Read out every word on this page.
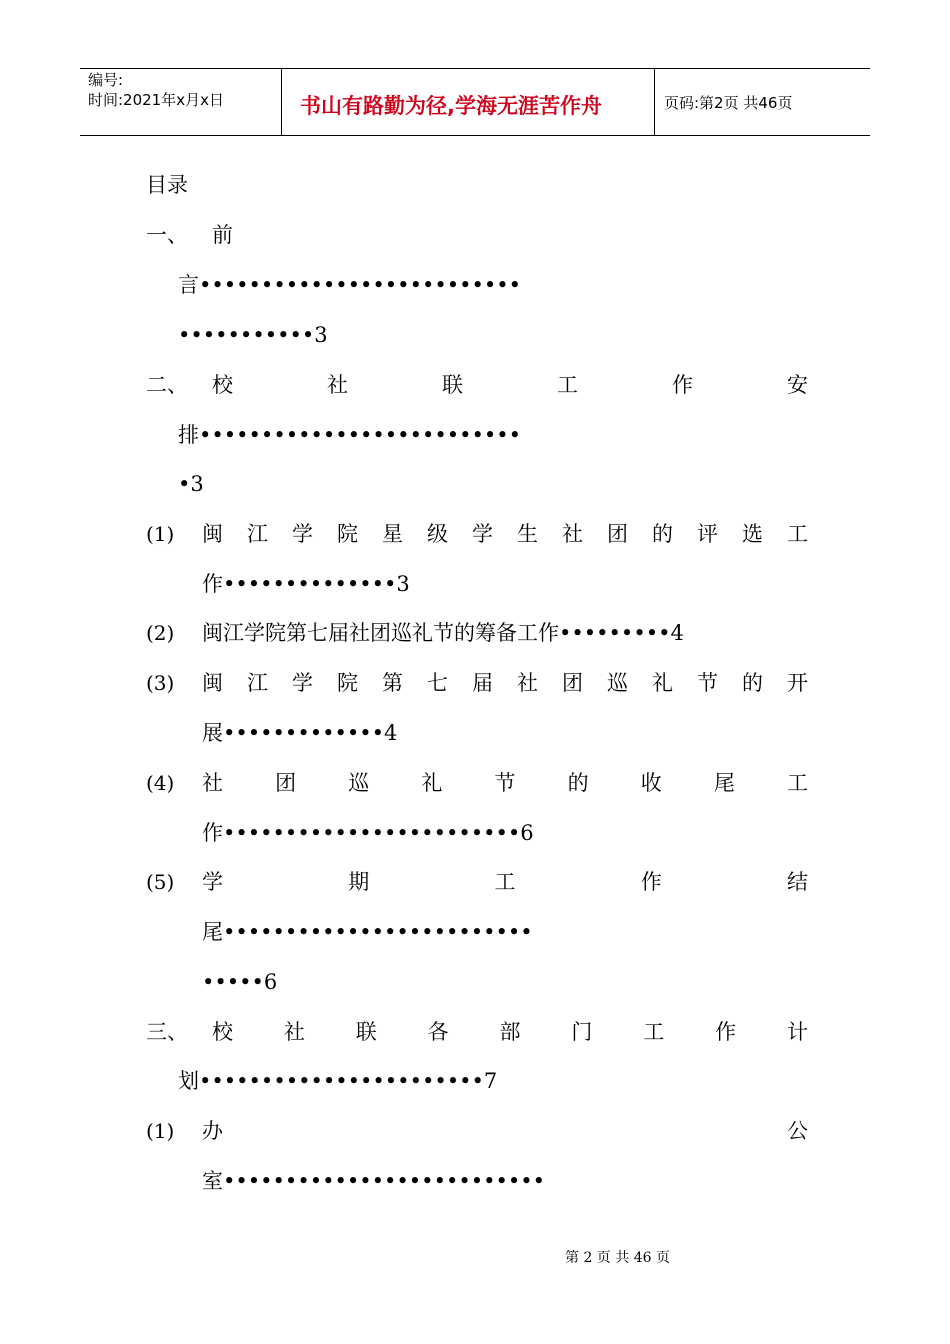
编号:
时间:2021年x月x日	书山有路勤为径,学海无涯苦作舟	页码:第2页 共46页
目录
一、 前
言••••••••••••••••••••••••••
•••••••••••3
二、 校	社	联	工	作	安
排••••••••••••••••••••••••••
•3
(1) 闽 江 学 院 星 级 学 生 社 团 的 评 选 工
作••••••••••••••3
(2) 闽江学院第七届社团巡礼节的筹备工作•••••••••4
(3) 闽 江 学 院 第 七 届 社 团 巡 礼 节 的 开
展•••••••••••••4
(4) 社 团 巡 礼 节 的 收 尾 工
作••••••••••••••••••••••••6
(5) 学	期	工	作	结
尾•••••••••••••••••••••••••
•••••6
三、 校 社 联 各 部 门 工 作 计
划•••••••••••••••••••••••7
(1) 办	公
室••••••••••••••••••••••••••
第 2 页 共 46 页
